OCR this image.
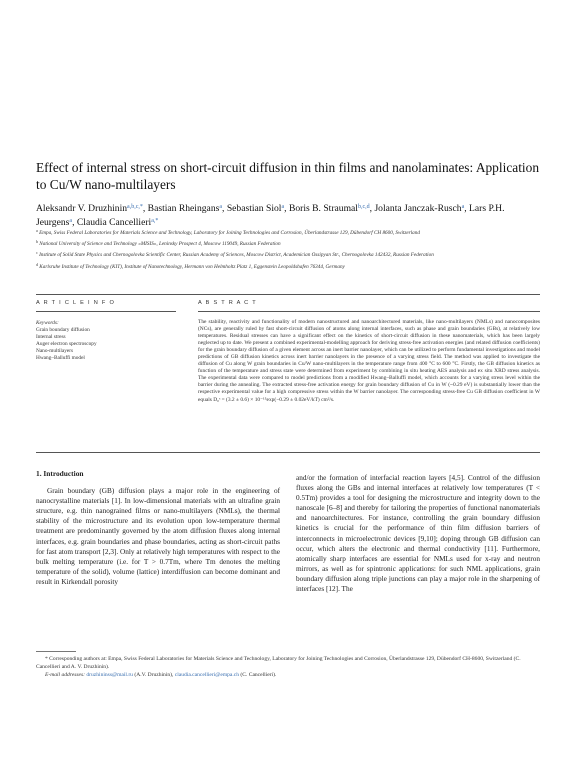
Effect of internal stress on short-circuit diffusion in thin films and nanolaminates: Application to Cu/W nano-multilayers
Aleksandr V. Druzhinin$^{a,b,c,*}$, Bastian Rheingans$^a$, Sebastian Siol$^a$, Boris B. Straumal$^{b,c,d}$, Jolanta Janczak-Rusch$^a$, Lars P.H. Jeurgens$^a$, Claudia Cancellieri$^{a,*}$
$^a$ Empa, Swiss Federal Laboratories for Materials Science and Technology, Laboratory for Joining Technologies and Corrosion, Überlandstrasse 129, Dübendorf CH 8600, Switzerland
$^b$ National University of Science and Technology «MISIS», Leninsky Prospect 4, Moscow 119049, Russian Federation
$^c$ Institute of Solid State Physics and Chernogolovka Scientific Center, Russian Academy of Sciences, Moscow District, Academician Ossipyan Str., Chernogolovka 142432, Russian Federation
$^d$ Karlsruhe Institute of Technology (KIT), Institute of Nanotechnology, Hermann von Helmholtz Platz 1, Eggenstein Leopoldshafen 76344, Germany
A R T I C L E I N F O	A B S T R A C T
Keywords:
Grain boundary diffusion
Internal stress
Auger electron spectroscopy
Nano-multilayers
Hwang–Balluffi model

The stability, reactivity and functionality of modern nanostructured and nanoarchitectured materials, like nano-multilayers (NMLs) and nanocomposites (NCs), are generally ruled by fast short-circuit diffusion of atoms along internal interfaces, such as phase and grain boundaries (GBs), at relatively low temperatures. Residual stresses can have a significant effect on the kinetics of short-circuit diffusion in these nanomaterials, which has been largely neglected up to date. We present a combined experimental-modelling approach for deriving stress-free activation energies (and related diffusion coefficients) for the grain boundary diffusion of a given element across an inert barrier nanolayer, which can be utilized to perform fundamental investigations and model predictions of GB diffusion kinetics across inert barrier nanolayers in the presence of a varying stress field. The method was applied to investigate the diffusion of Cu along W grain boundaries in Cu/W nano-multilayers in the temperature range from 400 °C to 600 °C. Firstly, the GB diffusion kinetics as function of the temperature and stress state were determined from experiment by combining in situ heating AES analysis and ex situ XRD stress analysis. The experimental data were compared to model predictions from a modified Hwang–Balluffi model, which accounts for a varying stress level within the barrier during the annealing. The extracted stress-free activation energy for grain boundary diffusion of Cu in W (~0.29 eV) is substantially lower than the respective experimental value for a high compressive stress within the W barrier nanolayer. The corresponding stress-free Cu GB diffusion coefficient in W equals D₀ˢ = (3.2 ± 0.6) × 10⁻¹⁵exp(−0.29 ± 0.02eV/kT) cm²/s.

1. Introduction

Grain boundary (GB) diffusion plays a major role in the engineering of nanocrystalline materials [1]. In low-dimensional materials with an ultrafine grain structure, e.g. thin nanograined films or nano-multilayers (NMLs), the thermal stability of the microstructure and its evolution upon low-temperature thermal treatment are predominantly governed by the atom diffusion fluxes along internal interfaces, e.g. grain boundaries and phase boundaries, acting as short-circuit paths for fast atom transport [2,3]. Only at relatively high temperatures with respect to the bulk melting temperature (i.e. for T > 0.7Tm, where Tm denotes the melting temperature of the solid), volume (lattice) interdiffusion can become dominant and result in Kirkendall porosity

and/or the formation of interfacial reaction layers [4,5]. Control of the diffusion fluxes along the GBs and internal interfaces at relatively low temperatures (T < 0.5Tm) provides a tool for designing the microstructure and integrity down to the nanoscale [6–8] and thereby for tailoring the properties of functional nanomaterials and nanoarchitectures. For instance, controlling the grain boundary diffusion kinetics is crucial for the performance of thin film diffusion barriers of interconnects in microelectronic devices [9,10]; doping through GB diffusion can occur, which alters the electronic and thermal conductivity [11]. Furthermore, atomically sharp interfaces are essential for NMLs used for x-ray and neutron mirrors, as well as for spintronic applications: for such NML applications, grain boundary diffusion along triple junctions can play a major role in the sharpening of interfaces [12]. The

* Corresponding authors at: Empa, Swiss Federal Laboratories for Materials Science and Technology, Laboratory for Joining Technologies and Corrosion, Überlandstrasse 129, Dübendorf CH-8600, Switzerland (C. Cancellieri and A. V. Druzhinin).

E-mail addresses: druzhininss@mail.ru (A.V. Druzhinin), claudia.cancellieri@empa.ch (C. Cancellieri).
